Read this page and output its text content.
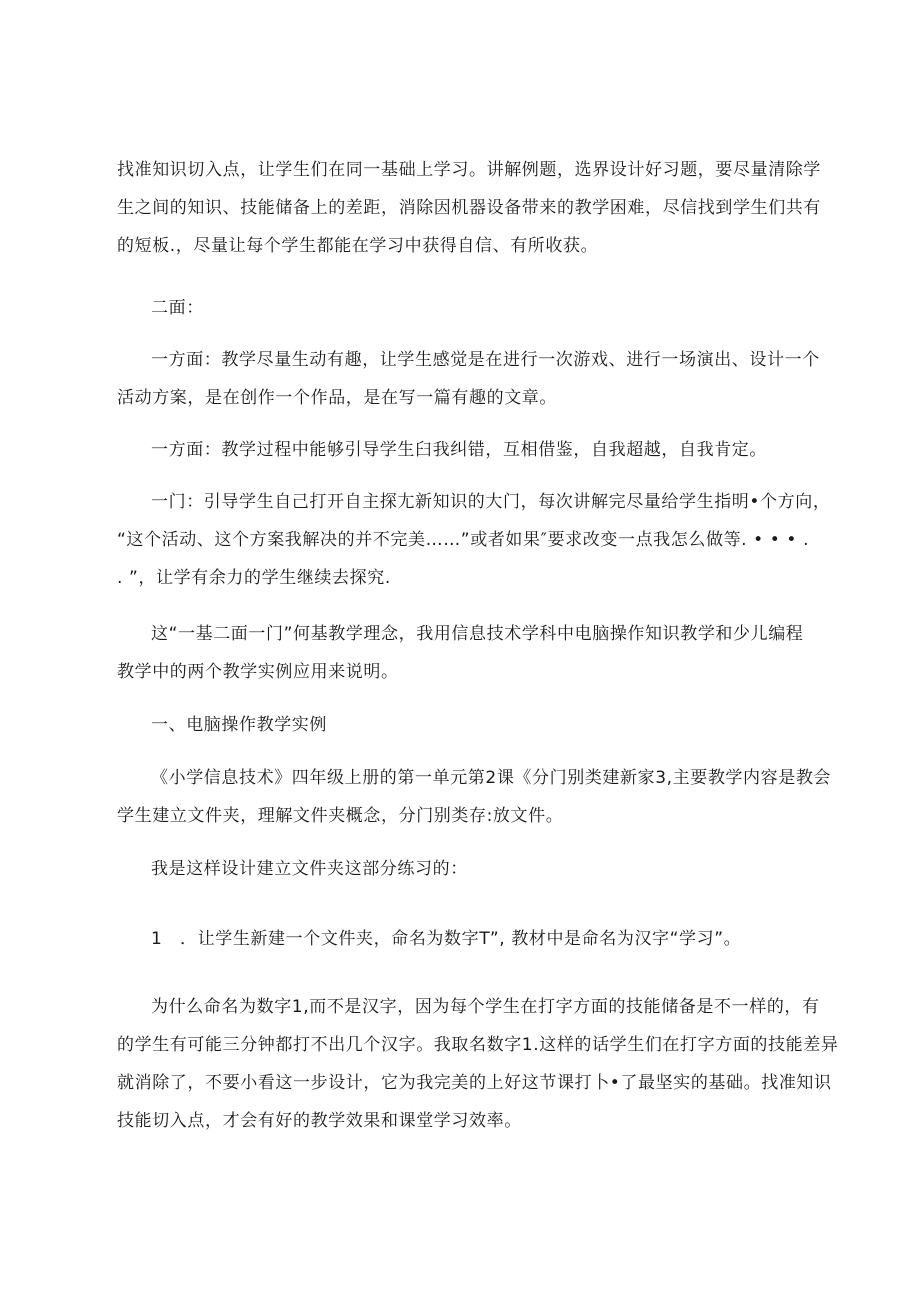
找准知识切入点，让学生们在同一基础上学习。讲解例题，选界设计好习题，要尽量清除学
生之间的知识、技能储备上的差距，消除因机器设备带来的教学困难，尽信找到学生们共有
的短板.，尽量让每个学生都能在学习中获得自信、有所收获。

二面：

一方面：教学尽量生动有趣，让学生感觉是在进行一次游戏、进行一场演出、设计一个
活动方案，是在创作一个作品，是在写一篇有趣的文章。

一方面：教学过程中能够引导学生臼我纠错，互相借鉴，自我超越，自我肯定。

一门：引导学生自己打开自主探尢新知识的大门，每次讲解完尽量给学生指明•个方向，
“这个活动、这个方案我解决的并不完美……”或者如果″要求改变一点我怎么做等. • • • .
. ”，让学有余力的学生继续去探究.

这“一基二面一门”何基教学理念，我用信息技术学科中电脑操作知识教学和少儿编程
教学中的两个教学实例应用来说明。

一、电脑操作教学实例

《小学信息技术》四年级上册的第一单元第2课《分门别类建新家3,主要教学内容是教会
学生建立文件夹，理解文件夹概念，分门别类存:放文件。

我是这样设计建立文件夹这部分练习的：

1　．让学生新建一个文件夹，命名为数字T”, 教材中是命名为汉字“学习”。

为什么命名为数字1,而不是汉字，因为每个学生在打字方面的技能储备是不一样的，有
的学生有可能三分钟都打不出几个汉字。我取名数字1.这样的话学生们在打字方面的技能差异
就消除了，不要小看这一步设计，它为我完美的上好这节课打卜•了最坚实的基础。找准知识
技能切入点，才会有好的教学效果和课堂学习效率。
